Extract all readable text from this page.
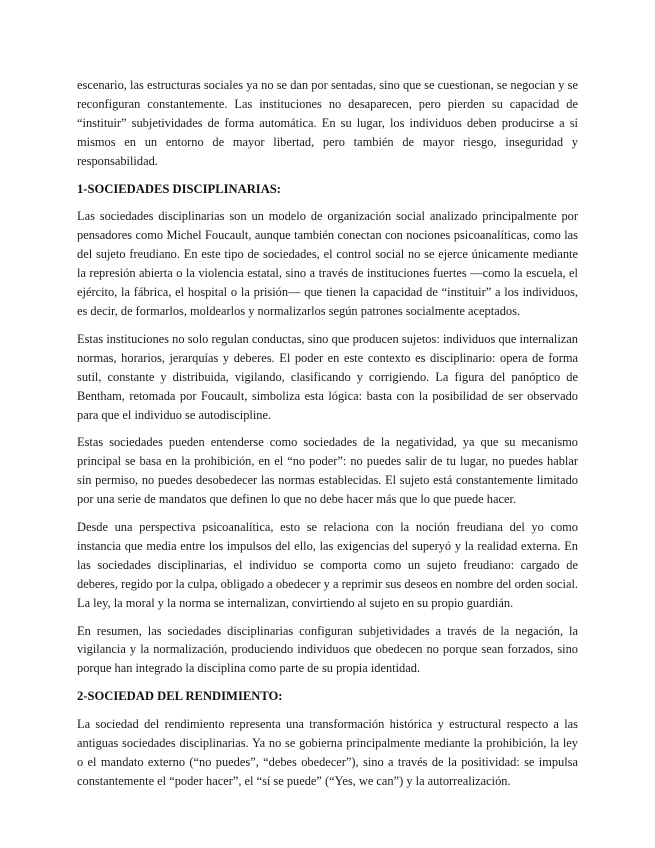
escenario, las estructuras sociales ya no se dan por sentadas, sino que se cuestionan, se negocian y se reconfiguran constantemente. Las instituciones no desaparecen, pero pierden su capacidad de “instituir” subjetividades de forma automática. En su lugar, los individuos deben producirse a sí mismos en un entorno de mayor libertad, pero también de mayor riesgo, inseguridad y responsabilidad.

1-SOCIEDADES DISCIPLINARIAS:

Las sociedades disciplinarias son un modelo de organización social analizado principalmente por pensadores como Michel Foucault, aunque también conectan con nociones psicoanalíticas, como las del sujeto freudiano. En este tipo de sociedades, el control social no se ejerce únicamente mediante la represión abierta o la violencia estatal, sino a través de instituciones fuertes —como la escuela, el ejército, la fábrica, el hospital o la prisión— que tienen la capacidad de “instituir” a los individuos, es decir, de formarlos, moldearlos y normalizarlos según patrones socialmente aceptados.

Estas instituciones no solo regulan conductas, sino que producen sujetos: individuos que internalizan normas, horarios, jerarquías y deberes. El poder en este contexto es disciplinario: opera de forma sutil, constante y distribuida, vigilando, clasificando y corrigiendo. La figura del panóptico de Bentham, retomada por Foucault, simboliza esta lógica: basta con la posibilidad de ser observado para que el individuo se autodiscipline.

Estas sociedades pueden entenderse como sociedades de la negatividad, ya que su mecanismo principal se basa en la prohibición, en el “no poder”: no puedes salir de tu lugar, no puedes hablar sin permiso, no puedes desobedecer las normas establecidas. El sujeto está constantemente limitado por una serie de mandatos que definen lo que no debe hacer más que lo que puede hacer.

Desde una perspectiva psicoanalítica, esto se relaciona con la noción freudiana del yo como instancia que media entre los impulsos del ello, las exigencias del superyó y la realidad externa. En las sociedades disciplinarias, el individuo se comporta como un sujeto freudiano: cargado de deberes, regido por la culpa, obligado a obedecer y a reprimir sus deseos en nombre del orden social. La ley, la moral y la norma se internalizan, convirtiendo al sujeto en su propio guardián.

En resumen, las sociedades disciplinarias configuran subjetividades a través de la negación, la vigilancia y la normalización, produciendo individuos que obedecen no porque sean forzados, sino porque han integrado la disciplina como parte de su propia identidad.

2-SOCIEDAD DEL RENDIMIENTO:

La sociedad del rendimiento representa una transformación histórica y estructural respecto a las antiguas sociedades disciplinarias. Ya no se gobierna principalmente mediante la prohibición, la ley o el mandato externo (“no puedes”, “debes obedecer”), sino a través de la positividad: se impulsa constantemente el “poder hacer”, el “sí se puede” (“Yes, we can”) y la autorrealización.
